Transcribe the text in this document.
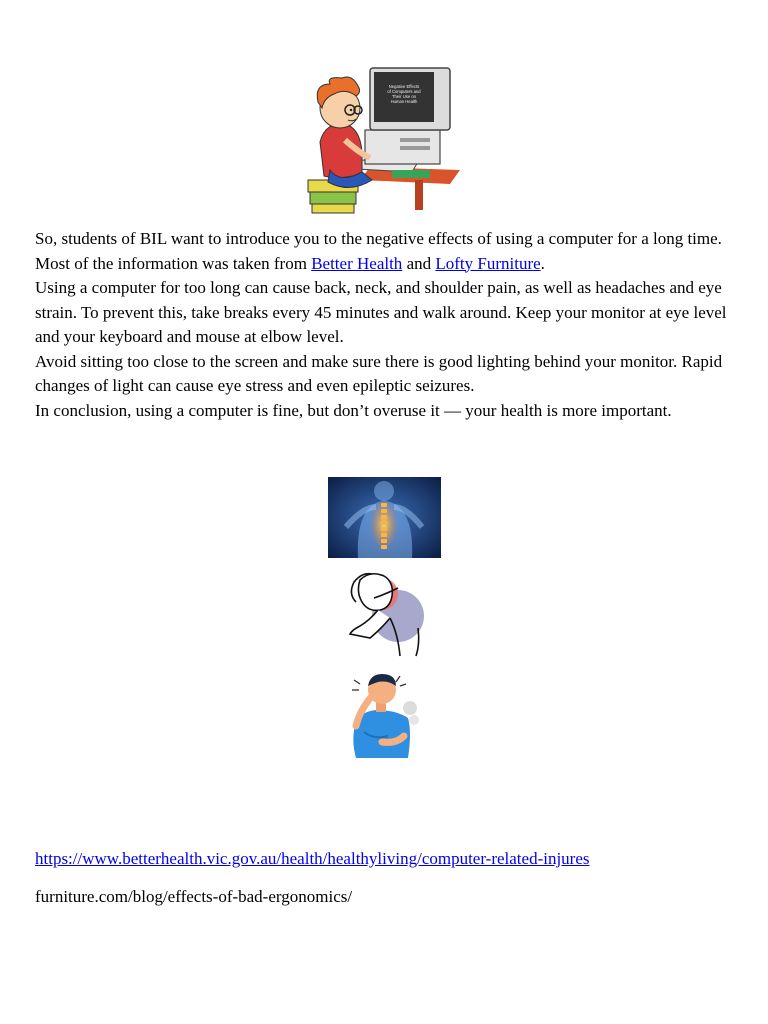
Negative Effects
of Computers and
Their Use on
Human Health

So, students of BIL want to introduce you to the negative effects of using a computer for a long time. Most of the information was taken from Better Health and Lofty Furniture.

Using a computer for too long can cause back, neck, and shoulder pain, as well as headaches and eye strain. To prevent this, take breaks every 45 minutes and walk around. Keep your monitor at eye level and your keyboard and mouse at elbow level.

Avoid sitting too close to the screen and make sure there is good lighting behind your monitor. Rapid changes of light can cause eye stress and even epileptic seizures.

In conclusion, using a computer is fine, but don’t overuse it — your health is more important.

https://www.betterhealth.vic.gov.au/health/healthyliving/computer-related-injures
furniture.com/blog/effects-of-bad-ergonomics/
